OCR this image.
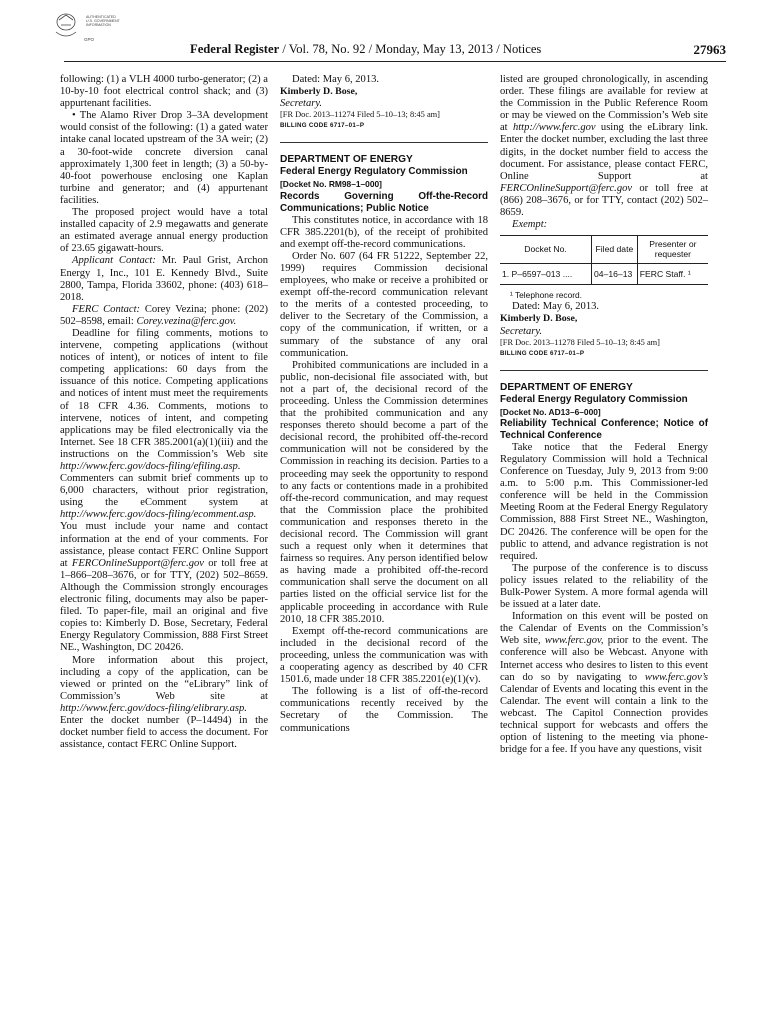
AUTHENTICATED
U.S. GOVERNMENT
INFORMATION
GPO
Federal Register / Vol. 78, No. 92 / Monday, May 13, 2013 / Notices	27963

following: (1) a VLH 4000 turbo-generator; (2) a 10-by-10 foot electrical control shack; and (3) appurtenant facilities.

• The Alamo River Drop 3–3A development would consist of the following: (1) a gated water intake canal located upstream of the 3A weir; (2) a 30-foot-wide concrete diversion canal approximately 1,300 feet in length; (3) a 50-by-40-foot powerhouse enclosing one Kaplan turbine and generator; and (4) appurtenant facilities.

The proposed project would have a total installed capacity of 2.9 megawatts and generate an estimated average annual energy production of 23.65 gigawatt-hours.

Applicant Contact: Mr. Paul Grist, Archon Energy 1, Inc., 101 E. Kennedy Blvd., Suite 2800, Tampa, Florida 33602, phone: (403) 618–2018.

FERC Contact: Corey Vezina; phone: (202) 502–8598, email: Corey.vezina@ferc.gov.

Deadline for filing comments, motions to intervene, competing applications (without notices of intent), or notices of intent to file competing applications: 60 days from the issuance of this notice. Competing applications and notices of intent must meet the requirements of 18 CFR 4.36. Comments, motions to intervene, notices of intent, and competing applications may be filed electronically via the Internet. See 18 CFR 385.2001(a)(1)(iii) and the instructions on the Commission’s Web site http://www.ferc.gov/docs-filing/efiling.asp. Commenters can submit brief comments up to 6,000 characters, without prior registration, using the eComment system at http://www.ferc.gov/docs-filing/ecomment.asp. You must include your name and contact information at the end of your comments. For assistance, please contact FERC Online Support at FERCOnlineSupport@ferc.gov or toll free at 1–866–208–3676, or for TTY, (202) 502–8659. Although the Commission strongly encourages electronic filing, documents may also be paper-filed. To paper-file, mail an original and five copies to: Kimberly D. Bose, Secretary, Federal Energy Regulatory Commission, 888 First Street NE., Washington, DC 20426.

More information about this project, including a copy of the application, can be viewed or printed on the “eLibrary” link of Commission’s Web site at http://www.ferc.gov/docs-filing/elibrary.asp. Enter the docket number (P–14494) in the docket number field to access the document. For assistance, contact FERC Online Support.

Dated: May 6, 2013.

Kimberly D. Bose,

Secretary.

[FR Doc. 2013–11274 Filed 5–10–13; 8:45 am]

BILLING CODE 6717–01–P

DEPARTMENT OF ENERGY

Federal Energy Regulatory Commission

[Docket No. RM98–1–000]

Records Governing Off-the-Record Communications; Public Notice

This constitutes notice, in accordance with 18 CFR 385.2201(b), of the receipt of prohibited and exempt off-the-record communications.

Order No. 607 (64 FR 51222, September 22, 1999) requires Commission decisional employees, who make or receive a prohibited or exempt off-the-record communication relevant to the merits of a contested proceeding, to deliver to the Secretary of the Commission, a copy of the communication, if written, or a summary of the substance of any oral communication.

Prohibited communications are included in a public, non-decisional file associated with, but not a part of, the decisional record of the proceeding. Unless the Commission determines that the prohibited communication and any responses thereto should become a part of the decisional record, the prohibited off-the-record communication will not be considered by the Commission in reaching its decision. Parties to a proceeding may seek the opportunity to respond to any facts or contentions made in a prohibited off-the-record communication, and may request that the Commission place the prohibited communication and responses thereto in the decisional record. The Commission will grant such a request only when it determines that fairness so requires. Any person identified below as having made a prohibited off-the-record communication shall serve the document on all parties listed on the official service list for the applicable proceeding in accordance with Rule 2010, 18 CFR 385.2010.

Exempt off-the-record communications are included in the decisional record of the proceeding, unless the communication was with a cooperating agency as described by 40 CFR 1501.6, made under 18 CFR 385.2201(e)(1)(v).

The following is a list of off-the-record communications recently received by the Secretary of the Commission. The communications

listed are grouped chronologically, in ascending order. These filings are available for review at the Commission in the Public Reference Room or may be viewed on the Commission’s Web site at http://www.ferc.gov using the eLibrary link. Enter the docket number, excluding the last three digits, in the docket number field to access the document. For assistance, please contact FERC, Online Support at FERCOnlineSupport@ferc.gov or toll free at (866) 208–3676, or for TTY, contact (202) 502–8659.

Exempt:

Docket No.	Filed date	Presenter or requester
1. P–6597–013 ....	04–16–13	FERC Staff. ¹

¹ Telephone record.

Dated: May 6, 2013.

Kimberly D. Bose,

Secretary.

[FR Doc. 2013–11278 Filed 5–10–13; 8:45 am]

BILLING CODE 6717–01–P

DEPARTMENT OF ENERGY

Federal Energy Regulatory Commission

[Docket No. AD13–6–000]

Reliability Technical Conference; Notice of Technical Conference

Take notice that the Federal Energy Regulatory Commission will hold a Technical Conference on Tuesday, July 9, 2013 from 9:00 a.m. to 5:00 p.m. This Commissioner-led conference will be held in the Commission Meeting Room at the Federal Energy Regulatory Commission, 888 First Street NE., Washington, DC 20426. The conference will be open for the public to attend, and advance registration is not required.

The purpose of the conference is to discuss policy issues related to the reliability of the Bulk-Power System. A more formal agenda will be issued at a later date.

Information on this event will be posted on the Calendar of Events on the Commission’s Web site, www.ferc.gov, prior to the event. The conference will also be Webcast. Anyone with Internet access who desires to listen to this event can do so by navigating to www.ferc.gov’s Calendar of Events and locating this event in the Calendar. The event will contain a link to the webcast. The Capitol Connection provides technical support for webcasts and offers the option of listening to the meeting via phone-bridge for a fee. If you have any questions, visit
